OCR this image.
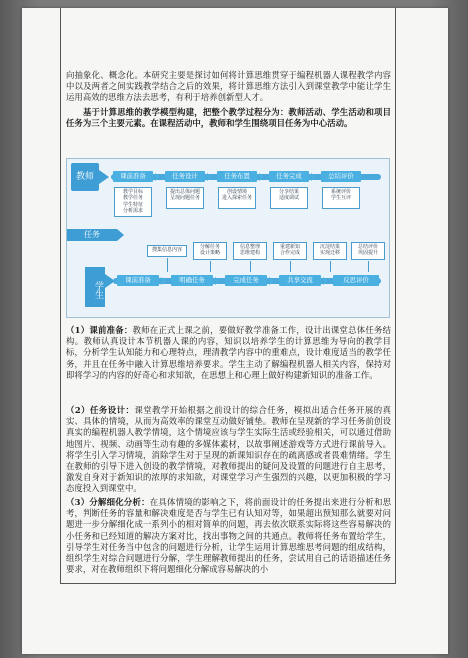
向抽象化、概念化。本研究主要是探讨如何将计算思维贯穿于编程机器人课程教学内容中以及两者之间实践教学结合之后的效果，将计算思维方法引入到课堂教学中能让学生运用高效的思维方法去思考，有利于培养创新型人才。
基于计算思维的教学模型构建，把整个教学过程分为：教师活动、学生活动和项目任务为三个主要元素。在课程活动中，教师和学生围绕项目任务为中心活动。
教师	课前准备	任务设计	任务布置	任务完成	总结评价
教学目标
教学任务
学生特征
分析需求
提出总体问题
呈现问题任务
创设情境
进入探索任务
分享结果
适度调试
系统评价
学生互评
任务
搜集信息内容	分解任务
设计策略
信息整理
思维建构
重建新知
合作完成
沉淀结果
实现迁移
总结评价
巩固提升
学生
课前准备	明确任务	完成任务	共享交流	反思评价
（1）课前准备：教师在正式上课之前，要做好教学准备工作，设计出课堂总体任务结构。教师认真设计本节机器人课的内容，知识以培养学生的计算思维为导向的教学目标，分析学生认知能力和心理特点，理清教学内容中的重难点，设计难度适当的教学任务，并且在任务中融入计算思维培养要求。学生主动了解编程机器人相关内容，保持对即将学习的内容的好奇心和求知欲，在思想上和心理上做好构建新知识的准备工作。
（2）任务设计：课堂教学开始根据之前设计的综合任务，模拟出适合任务开展的真实、具体的情境，从而为高效率的课堂互动做好铺垫。教师在呈现新的学习任务前创设真实的编程机器人教学情境，这个情境应该与学生实际生活或经验相关，可以通过借助地图片、视频、动画等生动有趣的多媒体素材，以故事阐述游戏等方式进行课前导入。将学生引入学习情境，消除学生对于呈现的新课知识存在的疏离感或者畏难情绪。学生在教师的引导下进入创设的教学情境，对教师提出的疑问及设置的问题进行自主思考，激发自身对于新知识的浓厚的求知欲，对课堂学习产生强烈的兴趣，以更加积极的学习态度投入到课堂中。
（3）分解细化分析：在具体情境的影响之下，将前面设计的任务提出来进行分析和思考，判断任务的容量和解决难度是否与学生已有认知对等，如果超出预知那么就要对问题进一步分解细化成一系列小的相对简单的问题，再去依次联系实际将这些容易解决的小任务和已经知道的解决方案对比，找出事物之间的共通点。教师将任务布置给学生，引导学生对任务当中包含的问题进行分析，让学生运用计算思维思考问题的组成结构，组织学生对综合问题进行分解，学生理解教师提出的任务，尝试用自己的话语描述任务要求，对在教师组织下将问题细化分解成容易解决的小
